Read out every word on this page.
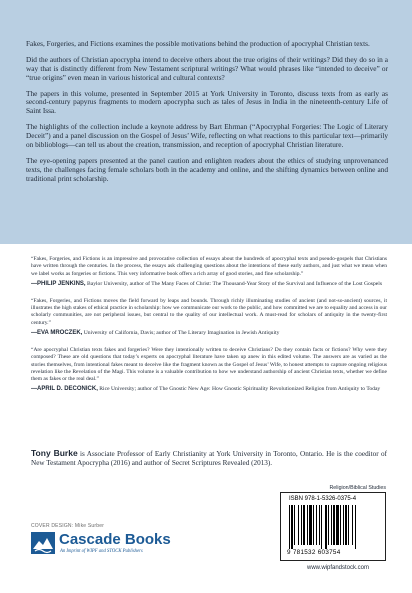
Fakes, Forgeries, and Fictions examines the possible motivations behind the production of apocryphal Christian texts.

Did the authors of Christian apocrypha intend to deceive others about the true origins of their writings? Did they do so in a way that is distinctly different from New Testament scriptural writings? What would phrases like “intended to deceive” or “true origins” even mean in various historical and cultural contexts?

The papers in this volume, presented in September 2015 at York University in Toronto, discuss texts from as early as second-century papyrus fragments to modern apocrypha such as tales of Jesus in India in the nineteenth-century Life of Saint Issa.

The highlights of the collection include a keynote address by Bart Ehrman (“Apocryphal Forgeries: The Logic of Literary Deceit”) and a panel discussion on the Gospel of Jesus’ Wife, reflecting on what reactions to this particular text—primarily on biblioblogs—can tell us about the creation, transmission, and reception of apocryphal Christian literature.

The eye-opening papers presented at the panel caution and enlighten readers about the ethics of studying unprovenanced texts, the challenges facing female scholars both in the academy and online, and the shifting dynamics between online and traditional print scholarship.

“Fakes, Forgeries, and Fictions is an impressive and provocative collection of essays about the hundreds of apocryphal texts and pseudo-gospels that Christians have written through the centuries. In the process, the essays ask challenging questions about the intentions of these early authors, and just what we mean when we label works as forgeries or fictions. This very informative book offers a rich array of good stories, and fine scholarship.”

—PHILIP JENKINS, Baylor University, author of The Many Faces of Christ: The Thousand-Year Story of the Survival and Influence of the Lost Gospels

“Fakes, Forgeries, and Fictions moves the field forward by leaps and bounds. Through richly illuminating studies of ancient (and not-so-ancient) sources, it illustrates the high stakes of ethical practice in scholarship: how we communicate our work to the public, and how committed we are to equality and access in our scholarly communities, are not peripheral issues, but central to the quality of our intellectual work. A must-read for scholars of antiquity in the twenty-first century.”

—EVA MROCZEK, University of California, Davis; author of The Literary Imagination in Jewish Antiquity

“Are apocryphal Christian texts fakes and forgeries? Were they intentionally written to deceive Christians? Do they contain facts or fictions? Why were they composed? These are old questions that today’s experts on apocryphal literature have taken up anew in this edited volume. The answers are as varied as the stories themselves, from intentional fakes meant to deceive like the fragment known as the Gospel of Jesus’ Wife, to honest attempts to capture ongoing religious revelation like the Revelation of the Magi. This volume is a valuable contribution to how we understand authorship of ancient Christian texts, whether we define them as fakes or the real deal.”

—APRIL D. DECONICK, Rice University; author of The Gnostic New Age: How Gnostic Spirituality Revolutionized Religion from Antiquity to Today

Tony Burke is Associate Professor of Early Christianity at York University in Toronto, Ontario. He is the coeditor of New Testament Apocrypha (2016) and author of Secret Scriptures Revealed (2013).

Religion/Biblical Studies
ISBN 978-1-5326-0375-4
9 781532 603754
www.wipfandstock.com
COVER DESIGN: Mike Surber
Cascade Books
An Imprint of WIPF and STOCK Publishers
